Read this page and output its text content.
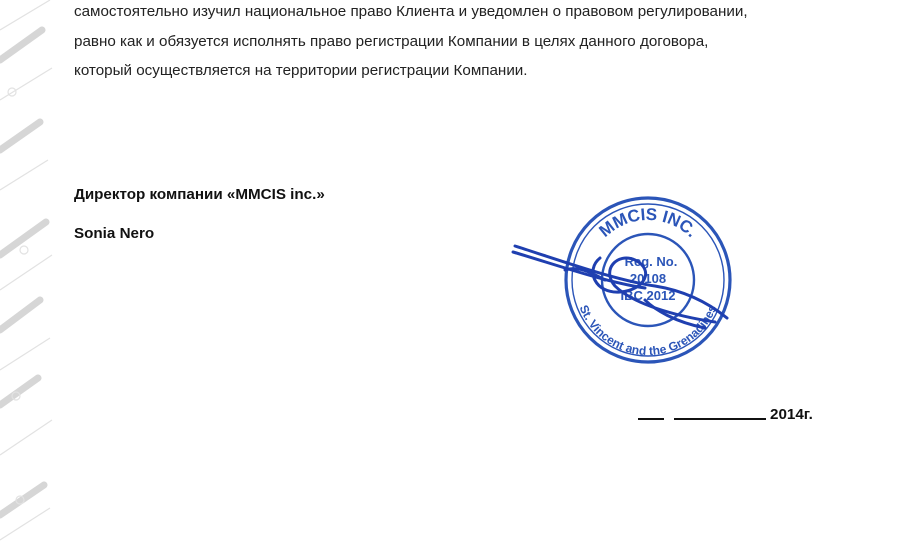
самостоятельно изучил национальное право Клиента и уведомлен о правовом регулировании,
равно как и обязуется исполнять право регистрации Компании в целях данного договора,
который осуществляется на территории регистрации Компании.
Директор компании «MMCIS inc.»
Sonia Nero	MMCIS INC.
St. Vincent and the Grenadines
Reg. No.
20108
IBC 2012
2014г.
